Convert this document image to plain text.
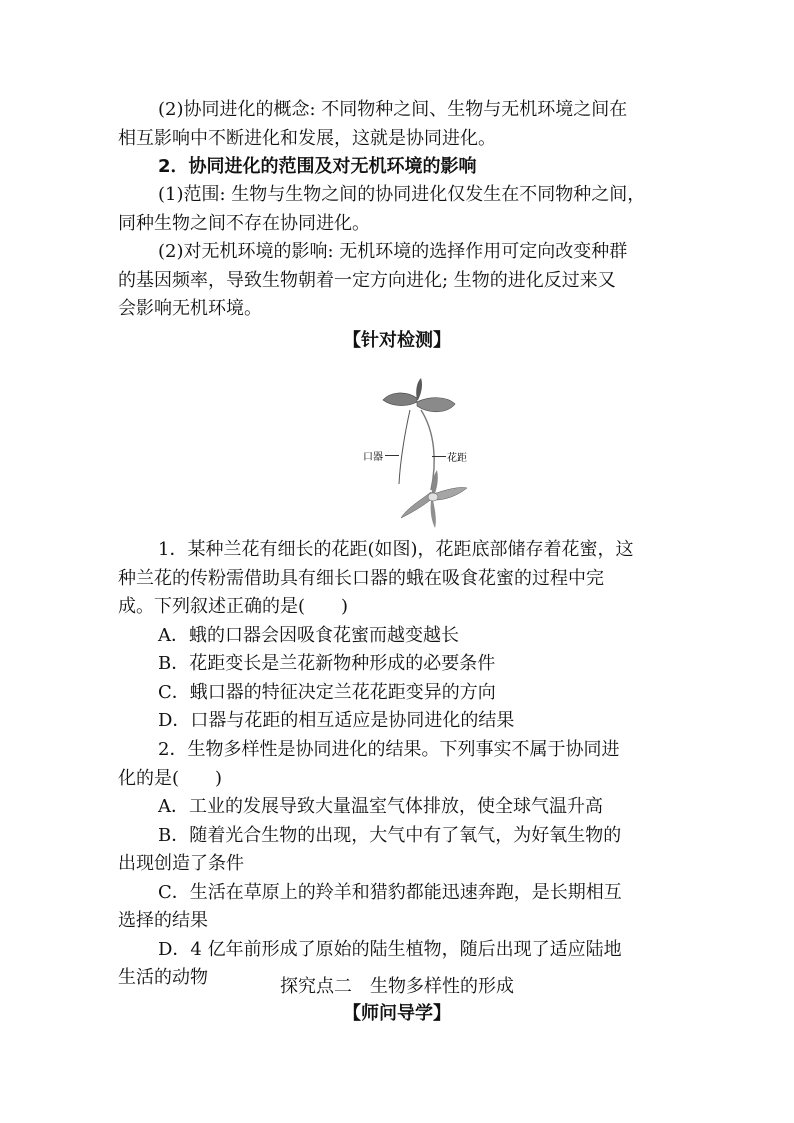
(2)协同进化的概念: 不同物种之间、生物与无机环境之间在
相互影响中不断进化和发展，这就是协同进化。
2．协同进化的范围及对无机环境的影响
(1)范围: 生物与生物之间的协同进化仅发生在不同物种之间，
同种生物之间不存在协同进化。
(2)对无机环境的影响: 无机环境的选择作用可定向改变种群
的基因频率，导致生物朝着一定方向进化; 生物的进化反过来又
会影响无机环境。
【针对检测】
口器	花距
1．某种兰花有细长的花距(如图)，花距底部储存着花蜜，这
种兰花的传粉需借助具有细长口器的蛾在吸食花蜜的过程中完
成。下列叙述正确的是(　　)
A．蛾的口器会因吸食花蜜而越变越长
B．花距变长是兰花新物种形成的必要条件
C．蛾口器的特征决定兰花花距变异的方向
D．口器与花距的相互适应是协同进化的结果
2．生物多样性是协同进化的结果。下列事实不属于协同进
化的是(　　)
A．工业的发展导致大量温室气体排放，使全球气温升高
B．随着光合生物的出现，大气中有了氧气，为好氧生物的
出现创造了条件
C．生活在草原上的羚羊和猎豹都能迅速奔跑，是长期相互
选择的结果
D．4 亿年前形成了原始的陆生植物，随后出现了适应陆地
生活的动物	探究点二　生物多样性的形成
【师问导学】
